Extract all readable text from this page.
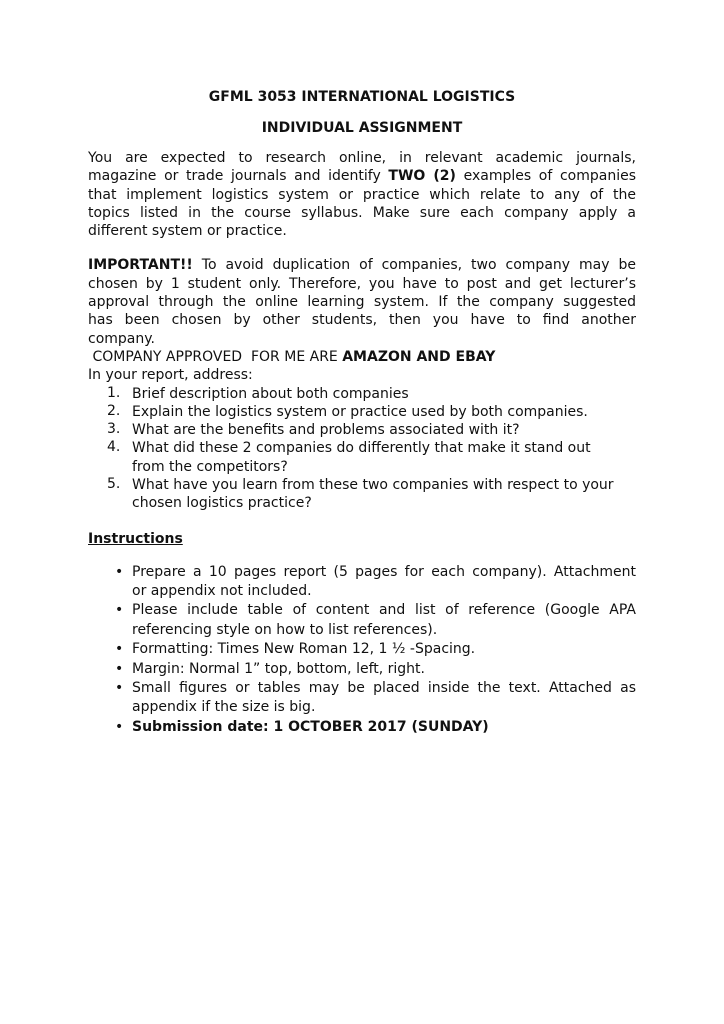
GFML 3053 INTERNATIONAL LOGISTICS
INDIVIDUAL ASSIGNMENT
You are expected to research online, in relevant academic journals,
magazine or trade journals and identify TWO (2) examples of companies
that implement logistics system or practice which relate to any of the
topics listed in the course syllabus. Make sure each company apply a
different system or practice.
IMPORTANT!! To avoid duplication of companies, two company may be
chosen by 1 student only. Therefore, you have to post and get lecturer’s
approval through the online learning system. If the company suggested
has been chosen by other students, then you have to find another
company.
COMPANY APPROVED  FOR ME ARE AMAZON AND EBAY
In your report, address:
1. Brief description about both companies
2. Explain the logistics system or practice used by both companies.
3. What are the benefits and problems associated with it?
4. What did these 2 companies do differently that make it stand out
from the competitors?
5. What have you learn from these two companies with respect to your
chosen logistics practice?
Instructions
• Prepare a 10 pages report (5 pages for each company). Attachment
or appendix not included.
• Please include table of content and list of reference (Google APA
referencing style on how to list references).
• Formatting: Times New Roman 12, 1 ½ -Spacing.
• Margin: Normal 1” top, bottom, left, right.
• Small figures or tables may be placed inside the text. Attached as
appendix if the size is big.
• Submission date: 1 OCTOBER 2017 (SUNDAY)
